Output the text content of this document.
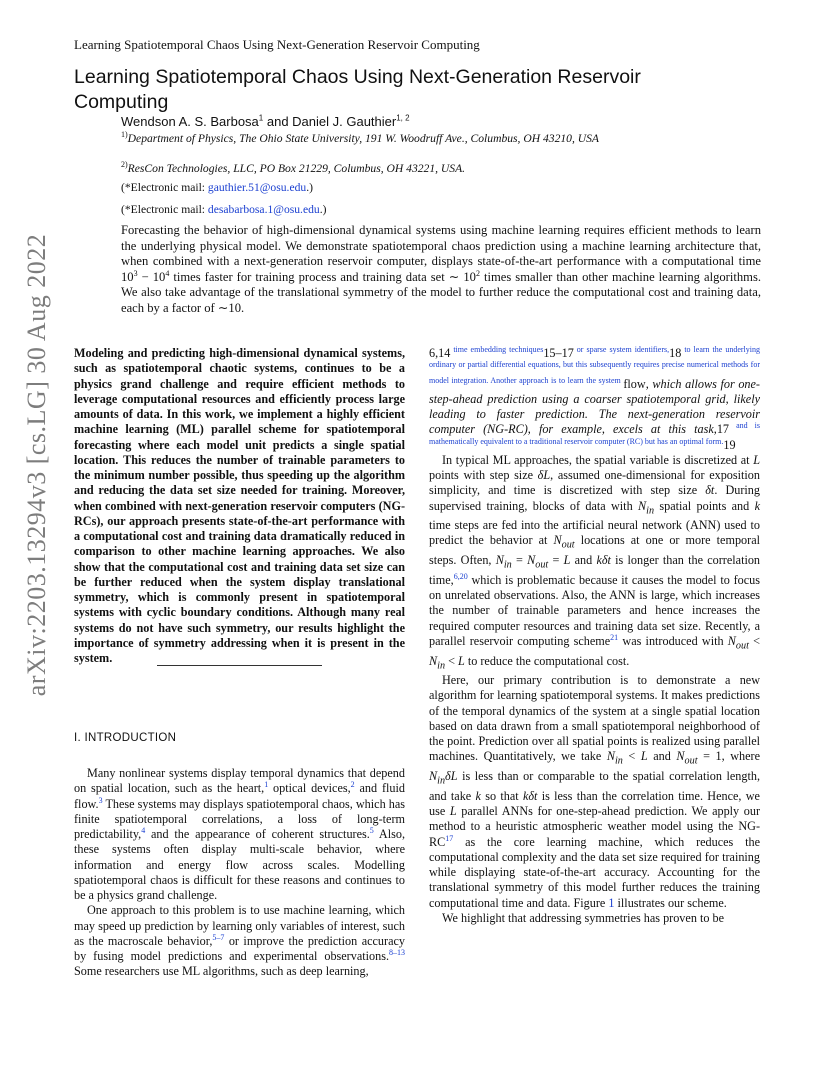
Learning Spatiotemporal Chaos Using Next-Generation Reservoir Computing
arXiv:2203.13294v3 [cs.LG] 30 Aug 2022
Learning Spatiotemporal Chaos Using Next-Generation Reservoir Computing
Wendson A. S. Barbosa$^1$ and Daniel J. Gauthier$^{1, 2}$
$^{1)}$Department of Physics, The Ohio State University, 191 W. Woodruff Ave., Columbus, OH 43210, USA
$^{2)}$ResCon Technologies, LLC, PO Box 21229, Columbus, OH 43221, USA.
(*Electronic mail: gauthier.51@osu.edu.)
(*Electronic mail: desabarbosa.1@osu.edu.)
Forecasting the behavior of high-dimensional dynamical systems using machine learning requires efficient methods to learn the underlying physical model. We demonstrate spatiotemporal chaos prediction using a machine learning architecture that, when combined with a next-generation reservoir computer, displays state-of-the-art performance with a computational time $10^3 - 10^4$ times faster for training process and training data set ∼ $10^2$ times smaller than other machine learning algorithms. We also take advantage of the translational symmetry of the model to further reduce the computational cost and training data, each by a factor of ∼10.

Modeling and predicting high-dimensional dynamical systems, such as spatiotemporal chaotic systems, continues to be a physics grand challenge and require efficient methods to leverage computational resources and efficiently process large amounts of data. In this work, we implement a highly efficient machine learning (ML) parallel scheme for spatiotemporal forecasting where each model unit predicts a single spatial location. This reduces the number of trainable parameters to the minimum number possible, thus speeding up the algorithm and reducing the data set size needed for training. Moreover, when combined with next-generation reservoir computers (NG-RCs), our approach presents state-of-the-art performance with a computational cost and training data dramatically reduced in comparison to other machine learning approaches. We also show that the computational cost and training data set size can be further reduced when the system display translational symmetry, which is commonly present in spatiotemporal systems with cyclic boundary conditions. Although many real systems do not have such symmetry, our results highlight the importance of symmetry addressing when it is present in the system.

I. INTRODUCTION

Many nonlinear systems display temporal dynamics that depend on spatial location, such as the heart,$^1$ optical devices,$^2$ and fluid flow.$^3$ These systems may displays spatiotemporal chaos, which has finite spatiotemporal correlations, a loss of long-term predictability,$^4$ and the appearance of coherent structures.$^5$ Also, these systems often display multi-scale behavior, where information and energy flow across scales. Modelling spatiotemporal chaos is difficult for these reasons and continues to be a physics grand challenge.

One approach to this problem is to use machine learning, which may speed up prediction by learning only variables of interest, such as the macroscale behavior,$^{5-7}$ or improve the prediction accuracy by fusing model predictions and experimental observations.$^{8-13}$ Some researchers use ML algorithms, such as deep learning,

6,14 $^{time embedding techniques}$15–17 $^{or sparse system identifiers,}$18 $^{to learn the underlying ordinary or partial differential equations, but this subsequently requires precise numerical methods for model integration. Another approach is to learn the system}$ flow, which allows for one-step-ahead prediction using a coarser spatiotemporal grid, likely leading to faster prediction. The next-generation reservoir computer (NG-RC), for example, excels at this task,17 $^{and is mathematically equivalent to a traditional reservoir computer (RC) but has an optimal form.}$19

In typical ML approaches, the spatial variable is discretized at L points with step size δL, assumed one-dimensional for exposition simplicity, and time is discretized with step size δt. During supervised training, blocks of data with $N_{in}$ spatial points and k time steps are fed into the artificial neural network (ANN) used to predict the behavior at $N_{out}$ locations at one or more temporal steps. Often, $N_{in} = N_{out} = L$ and kδt is longer than the correlation time,$^{6,20}$ which is problematic because it causes the model to focus on unrelated observations. Also, the ANN is large, which increases the number of trainable parameters and hence increases the required computer resources and training data set size. Recently, a parallel reservoir computing scheme$^{21}$ was introduced with $N_{out} < N_{in} < L$ to reduce the computational cost.

Here, our primary contribution is to demonstrate a new algorithm for learning spatiotemporal systems. It makes predictions of the temporal dynamics of the system at a single spatial location based on data drawn from a small spatiotemporal neighborhood of the point. Prediction over all spatial points is realized using parallel machines. Quantitatively, we take $N_{in} < L$ and $N_{out} = 1$, where $N_{in}\delta L$ is less than or comparable to the spatial correlation length, and take k so that kδt is less than the correlation time. Hence, we use L parallel ANNs for one-step-ahead prediction. We apply our method to a heuristic atmospheric weather model using the NG-RC$^{17}$ as the core learning machine, which reduces the computational complexity and the data set size required for training while displaying state-of-the-art accuracy. Accounting for the translational symmetry of this model further reduces the training computational time and data. Figure 1 illustrates our scheme.

We highlight that addressing symmetries has proven to be
